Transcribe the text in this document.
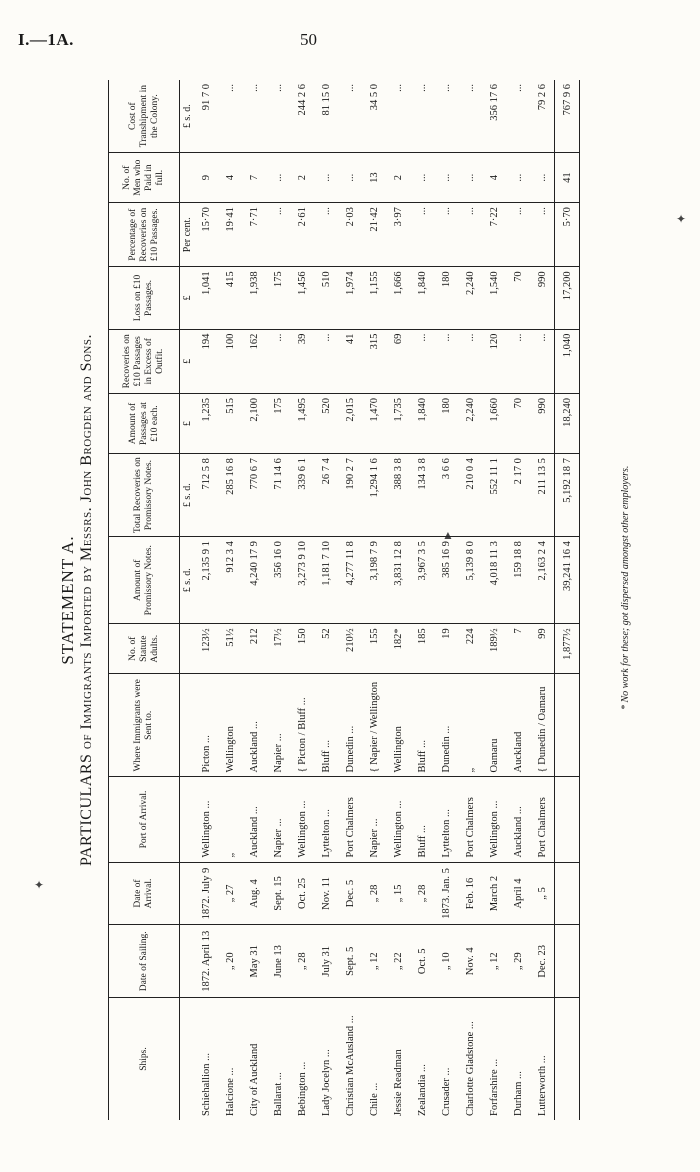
I.—1A.	50
✦
▲
✦
STATEMENT A. PARTICULARS of Immigrants Imported by Messrs. John Brogden and Sons.
Ships.	Date of Sailing.	Date of Arrival.	Port of Arrival.	Where Immigrants were Sent to.	No. of Statute Adults.	Amount of Promissory Notes.	Total Recoveries on Promissory Notes.	Amount of Passages at £10 each.	Recoveries on £10 Passages in Excess of Outfit.	Loss on £10 Passages.	Percentage of Recoveries on £10 Passages.	No. of Men who Paid in full.	Cost of Transhipment in the Colony.
						£ s. d.	£ s. d.	£	£	£	Per cent.		£ s. d.
Schiehallion ...	1872. April 13	1872. July 9	Wellington ...	Picton ...	123½	2,135 9 1	712 5 8	1,235	194	1,041	15·70	9	91 7 0
Halcione ...	„ 20	„ 27	„	Wellington	51½	912 3 4	285 16 8	515	100	415	19·41	4	...
City of Auckland	May 31	Aug. 4	Auckland ...	Auckland ...	212	4,240 17 9	770 6 7	2,100	162	1,938	7·71	7	...
Ballarat ...	June 13	Sept. 15	Napier ...	Napier ...	17½	356 16 0	71 14 6	175	...	175	...	...	...
Bebington ...	„ 28	Oct. 25	Wellington ...	{ Picton / Bluff ...	150	3,273 9 10	339 6 1	1,495	39	1,456	2·61	2	244 2 6
Lady Jocelyn ...	July 31	Nov. 11	Lyttelton ...	Bluff ...	52	1,181 7 10	26 7 4	520	...	510	...	...	81 15 0
Christian McAusland ...	Sept. 5	Dec. 5	Port Chalmers	Dunedin ...	210½	4,277 11 8	190 2 7	2,015	41	1,974	2·03	...	...
Chile ...	„ 12	„ 28	Napier ...	{ Napier / Wellington	155	3,198 7 9	1,294 1 6	1,470	315	1,155	21·42	13	34 5 0
Jessie Readman	„ 22	„ 15	Wellington ...	Wellington	182*	3,831 12 8	388 3 8	1,735	69	1,666	3·97	2	...
Zealandia ...	Oct. 5	„ 28	Bluff ...	Bluff ...	185	3,967 3 5	134 3 8	1,840	...	1,840	...	...	...
Crusader ...	„ 10	1873. Jan. 5	Lyttelton ...	Dunedin ...	19	385 16 9	3 6 6	180	...	180	...	...	...
Charlotte Gladstone ...	Nov. 4	Feb. 16	Port Chalmers	„	224	5,139 8 0	210 0 4	2,240	...	2,240	...	...	...
Forfarshire ...	„ 12	March 2	Wellington ...	Oamaru	189½	4,018 11 3	552 11 1	1,660	120	1,540	7·22	4	356 17 6
Durham ...	„ 29	April 4	Auckland ...	Auckland	7	159 18 8	2 17 0	70	...	70	...	...	...
Lutterworth ...	Dec. 23	„ 5	Port Chalmers	{ Dunedin / Oamaru	99	2,163 2 4	211 13 5	990	...	990	...	...	79 2 6
					1,877½	39,241 16 4	5,192 18 7	18,240	1,040	17,200	5·70	41	767 9 6
* No work for these; got dispersed amongst other employers.
